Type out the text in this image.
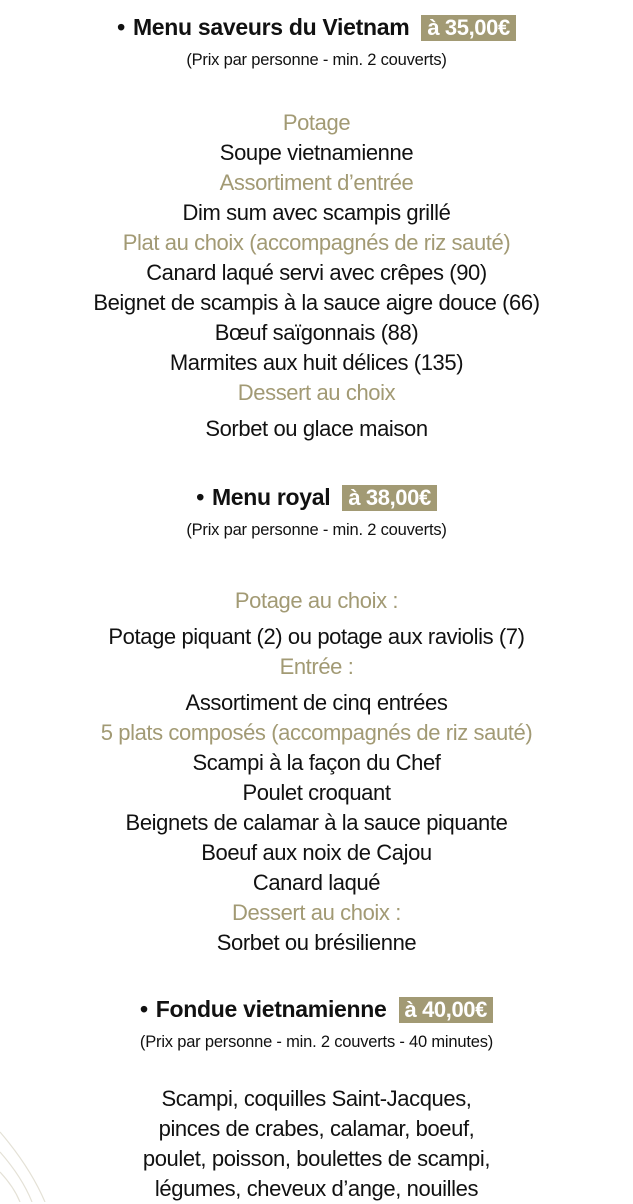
• Menu saveurs du Vietnam à 35,00€
(Prix par personne - min. 2 couverts)
Potage
Soupe vietnamienne
Assortiment d’entrée
Dim sum avec scampis grillé
Plat au choix (accompagnés de riz sauté)
Canard laqué servi avec crêpes (90)
Beignet de scampis à la sauce aigre douce (66)
Bœuf saïgonnais (88)
Marmites aux huit délices (135)
Dessert au choix
Sorbet ou glace maison
• Menu royal à 38,00€
(Prix par personne - min. 2 couverts)
Potage au choix :
Potage piquant (2) ou potage aux raviolis (7)
Entrée :
Assortiment de cinq entrées
5 plats composés (accompagnés de riz sauté)
Scampi à la façon du Chef
Poulet croquant
Beignets de calamar à la sauce piquante
Boeuf aux noix de Cajou
Canard laqué
Dessert au choix :
Sorbet ou brésilienne
• Fondue vietnamienne à 40,00€
(Prix par personne - min. 2 couverts - 40 minutes)
Scampi, coquilles Saint-Jacques,
pinces de crabes, calamar, boeuf,
poulet, poisson, boulettes de scampi,
légumes, cheveux d’ange, nouilles
